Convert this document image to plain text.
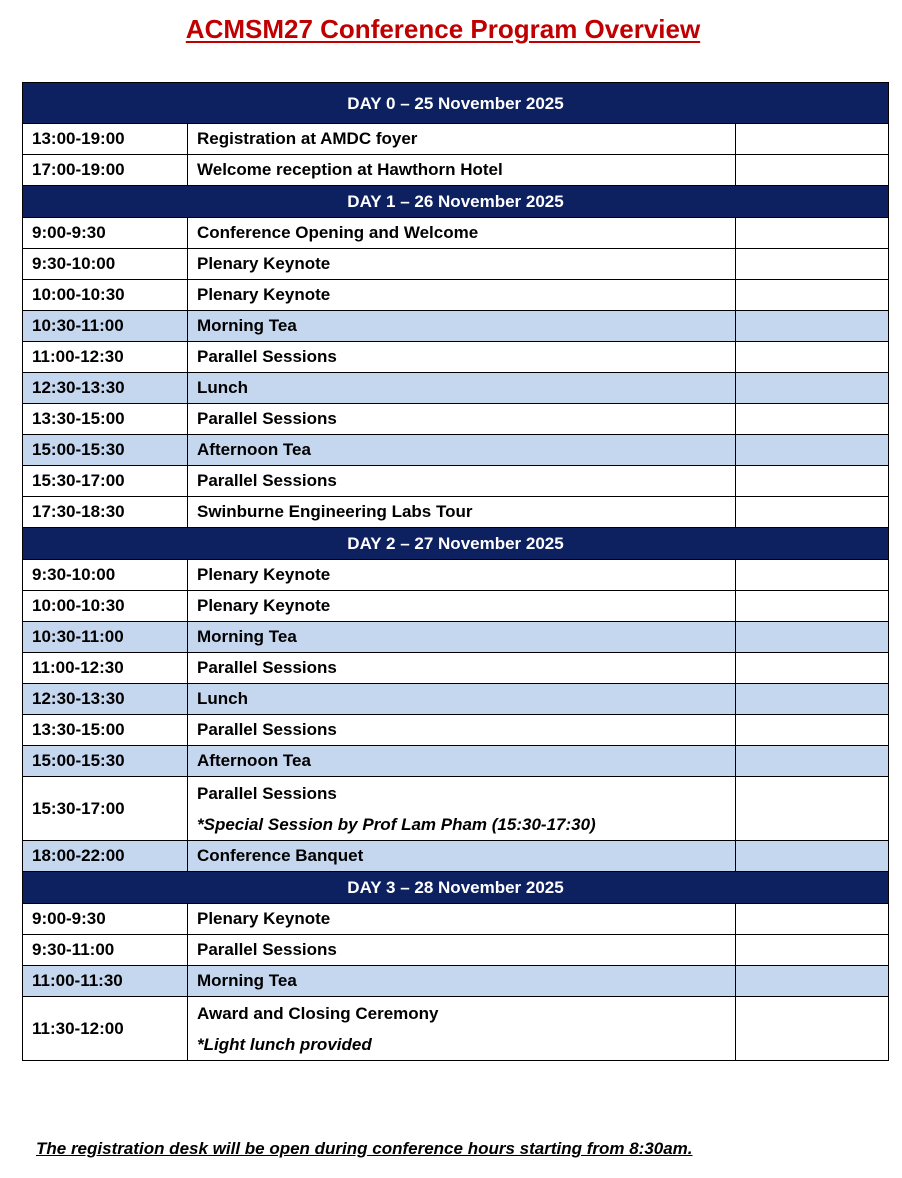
ACMSM27 Conference Program Overview
DAY 0 – 25 November 2025		
13:00-19:00	Registration at AMDC foyer	
17:00-19:00	Welcome reception at Hawthorn Hotel	
DAY 1 – 26 November 2025		
9:00-9:30	Conference Opening and Welcome	
9:30-10:00	Plenary Keynote	
10:00-10:30	Plenary Keynote	
10:30-11:00	Morning Tea	
11:00-12:30	Parallel Sessions	
12:30-13:30	Lunch	
13:30-15:00	Parallel Sessions	
15:00-15:30	Afternoon Tea	
15:30-17:00	Parallel Sessions	
17:30-18:30	Swinburne Engineering Labs Tour	
DAY 2 – 27 November 2025		
9:30-10:00	Plenary Keynote	
10:00-10:30	Plenary Keynote	
10:30-11:00	Morning Tea	
11:00-12:30	Parallel Sessions	
12:30-13:30	Lunch	
13:30-15:00	Parallel Sessions	
15:00-15:30	Afternoon Tea	
15:30-17:00	Parallel Sessions
*Special Session by Prof Lam Pham (15:30-17:30)	

18:00-22:00	Conference Banquet	
DAY 3 – 28 November 2025		
9:00-9:30	Plenary Keynote	
9:30-11:00	Parallel Sessions	
11:00-11:30	Morning Tea	
11:30-12:00	Award and Closing Ceremony
*Light lunch provided	

The registration desk will be open during conference hours starting from 8:30am.
